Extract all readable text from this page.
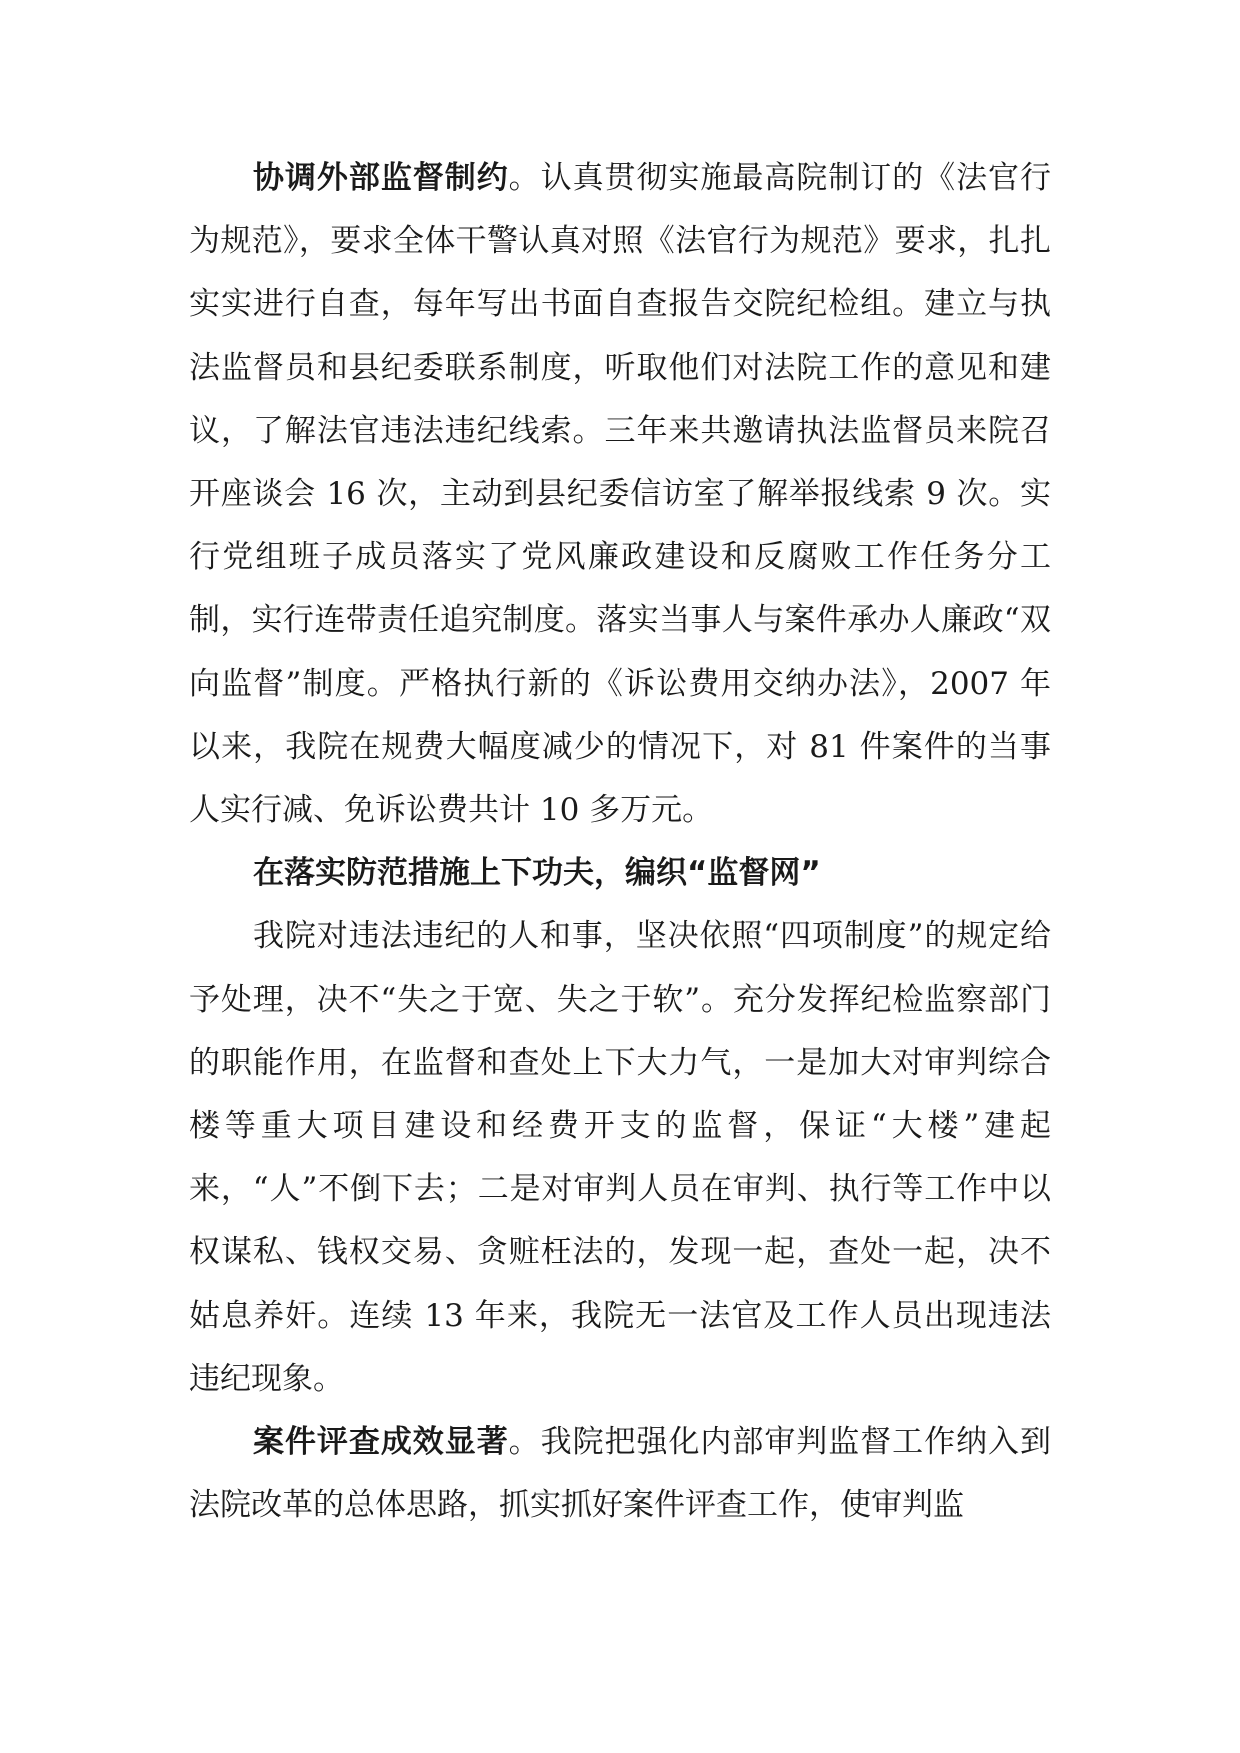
协调外部监督制约。认真贯彻实施最高院制订的《法官行为规范》，要求全体干警认真对照《法官行为规范》要求，扎扎实实进行自查，每年写出书面自查报告交院纪检组。建立与执法监督员和县纪委联系制度，听取他们对法院工作的意见和建议，了解法官违法违纪线索。三年来共邀请执法监督员来院召开座谈会 16 次，主动到县纪委信访室了解举报线索 9 次。实行党组班子成员落实了党风廉政建设和反腐败工作任务分工制，实行连带责任追究制度。落实当事人与案件承办人廉政“双向监督”制度。严格执行新的《诉讼费用交纳办法》，2007 年以来，我院在规费大幅度减少的情况下，对 81 件案件的当事人实行减、免诉讼费共计 10 多万元。

在落实防范措施上下功夫，编织“监督网”

我院对违法违纪的人和事，坚决依照“四项制度”的规定给予处理，决不“失之于宽、失之于软”。充分发挥纪检监察部门的职能作用，在监督和查处上下大力气，一是加大对审判综合楼等重大项目建设和经费开支的监督，保证“大楼”建起来，“人”不倒下去；二是对审判人员在审判、执行等工作中以权谋私、钱权交易、贪赃枉法的，发现一起，查处一起，决不姑息养奸。连续 13 年来，我院无一法官及工作人员出现违法违纪现象。

案件评查成效显著。我院把强化内部审判监督工作纳入到法院改革的总体思路，抓实抓好案件评查工作，使审判监
